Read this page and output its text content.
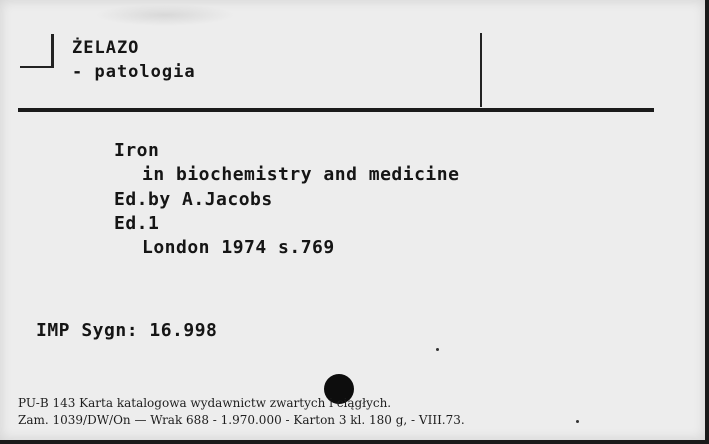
ŻELAZO
- patologia
Iron
in biochemistry and medicine
Ed.by A.Jacobs
Ed.1
London 1974 s.769
IMP Sygn: 16.998
PU-B 143 Karta katalogowa wydawnictw zwartych i ciągłych.
Zam. 1039/DW/On — Wrak 688 - 1.970.000 - Karton 3 kl. 180 g, - VIII.73.
